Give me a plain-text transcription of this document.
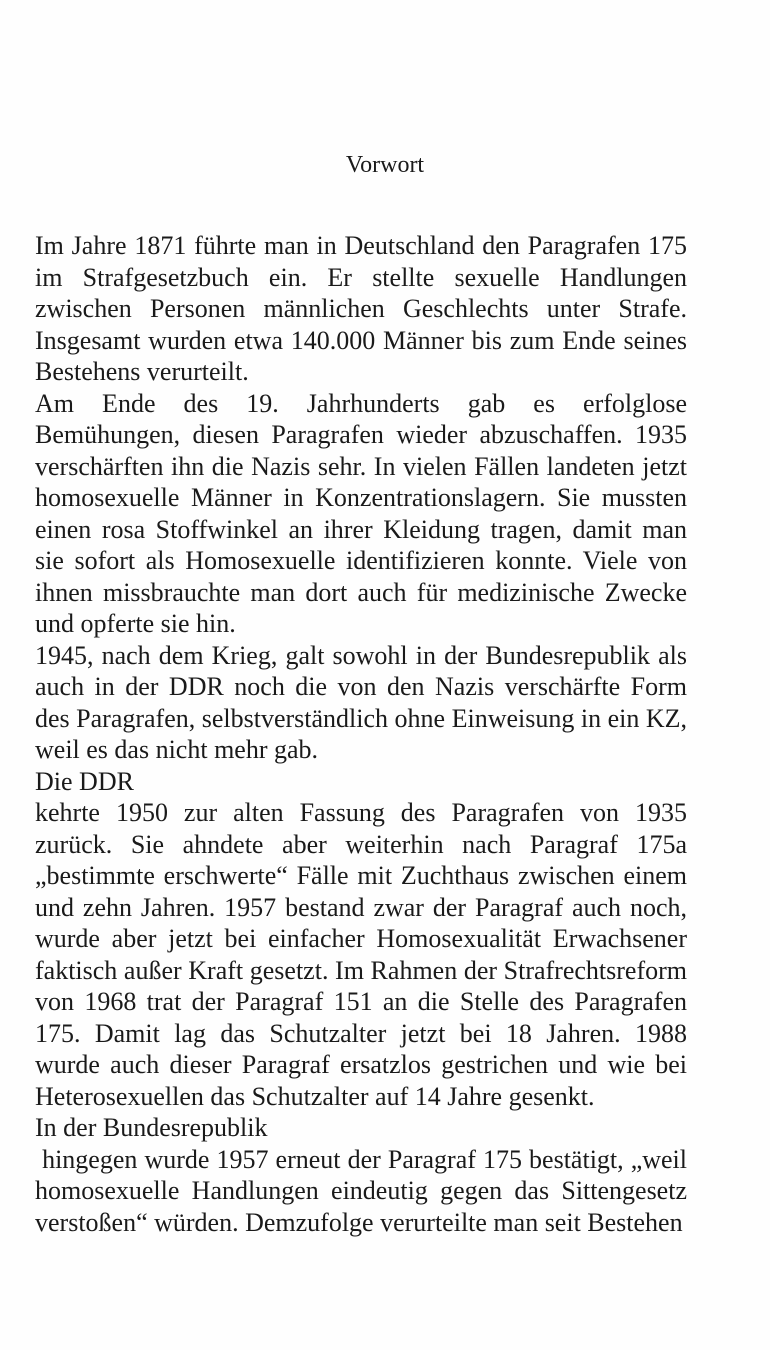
Vorwort

Im Jahre 1871 führte man in Deutschland den Paragrafen 175 im Strafgesetzbuch ein. Er stellte sexuelle Handlungen zwischen Personen männlichen Geschlechts unter Strafe. Insgesamt wurden etwa 140.000 Männer bis zum Ende seines Bestehens verurteilt.

Am Ende des 19. Jahrhunderts gab es erfolglose Bemühungen, diesen Paragrafen wieder abzuschaffen. 1935 verschärften ihn die Nazis sehr. In vielen Fällen landeten jetzt homosexuelle Männer in Konzentrationslagern. Sie mussten einen rosa Stoffwinkel an ihrer Kleidung tragen, damit man sie sofort als Homosexuelle identifizieren konnte. Viele von ihnen missbrauchte man dort auch für medizinische Zwecke und opferte sie hin.

1945, nach dem Krieg, galt sowohl in der Bundesrepublik als auch in der DDR noch die von den Nazis verschärfte Form des Paragrafen, selbstverständlich ohne Einweisung in ein KZ, weil es das nicht mehr gab.

Die DDR

kehrte 1950 zur alten Fassung des Paragrafen von 1935 zurück. Sie ahndete aber weiterhin nach Paragraf 175a „bestimmte erschwerte“ Fälle mit Zuchthaus zwischen einem und zehn Jahren. 1957 bestand zwar der Paragraf auch noch, wurde aber jetzt bei einfacher Homosexualität Erwachsener faktisch außer Kraft gesetzt. Im Rahmen der Strafrechtsreform von 1968 trat der Paragraf 151 an die Stelle des Paragrafen 175. Damit lag das Schutzalter jetzt bei 18 Jahren. 1988 wurde auch dieser Paragraf ersatzlos gestrichen und wie bei Heterosexuellen das Schutzalter auf 14 Jahre gesenkt.

In der Bundesrepublik

hingegen wurde 1957 erneut der Paragraf 175 bestätigt, „weil homosexuelle Handlungen eindeutig gegen das Sittengesetz verstoßen“ würden. Demzufolge verurteilte man seit Bestehen
